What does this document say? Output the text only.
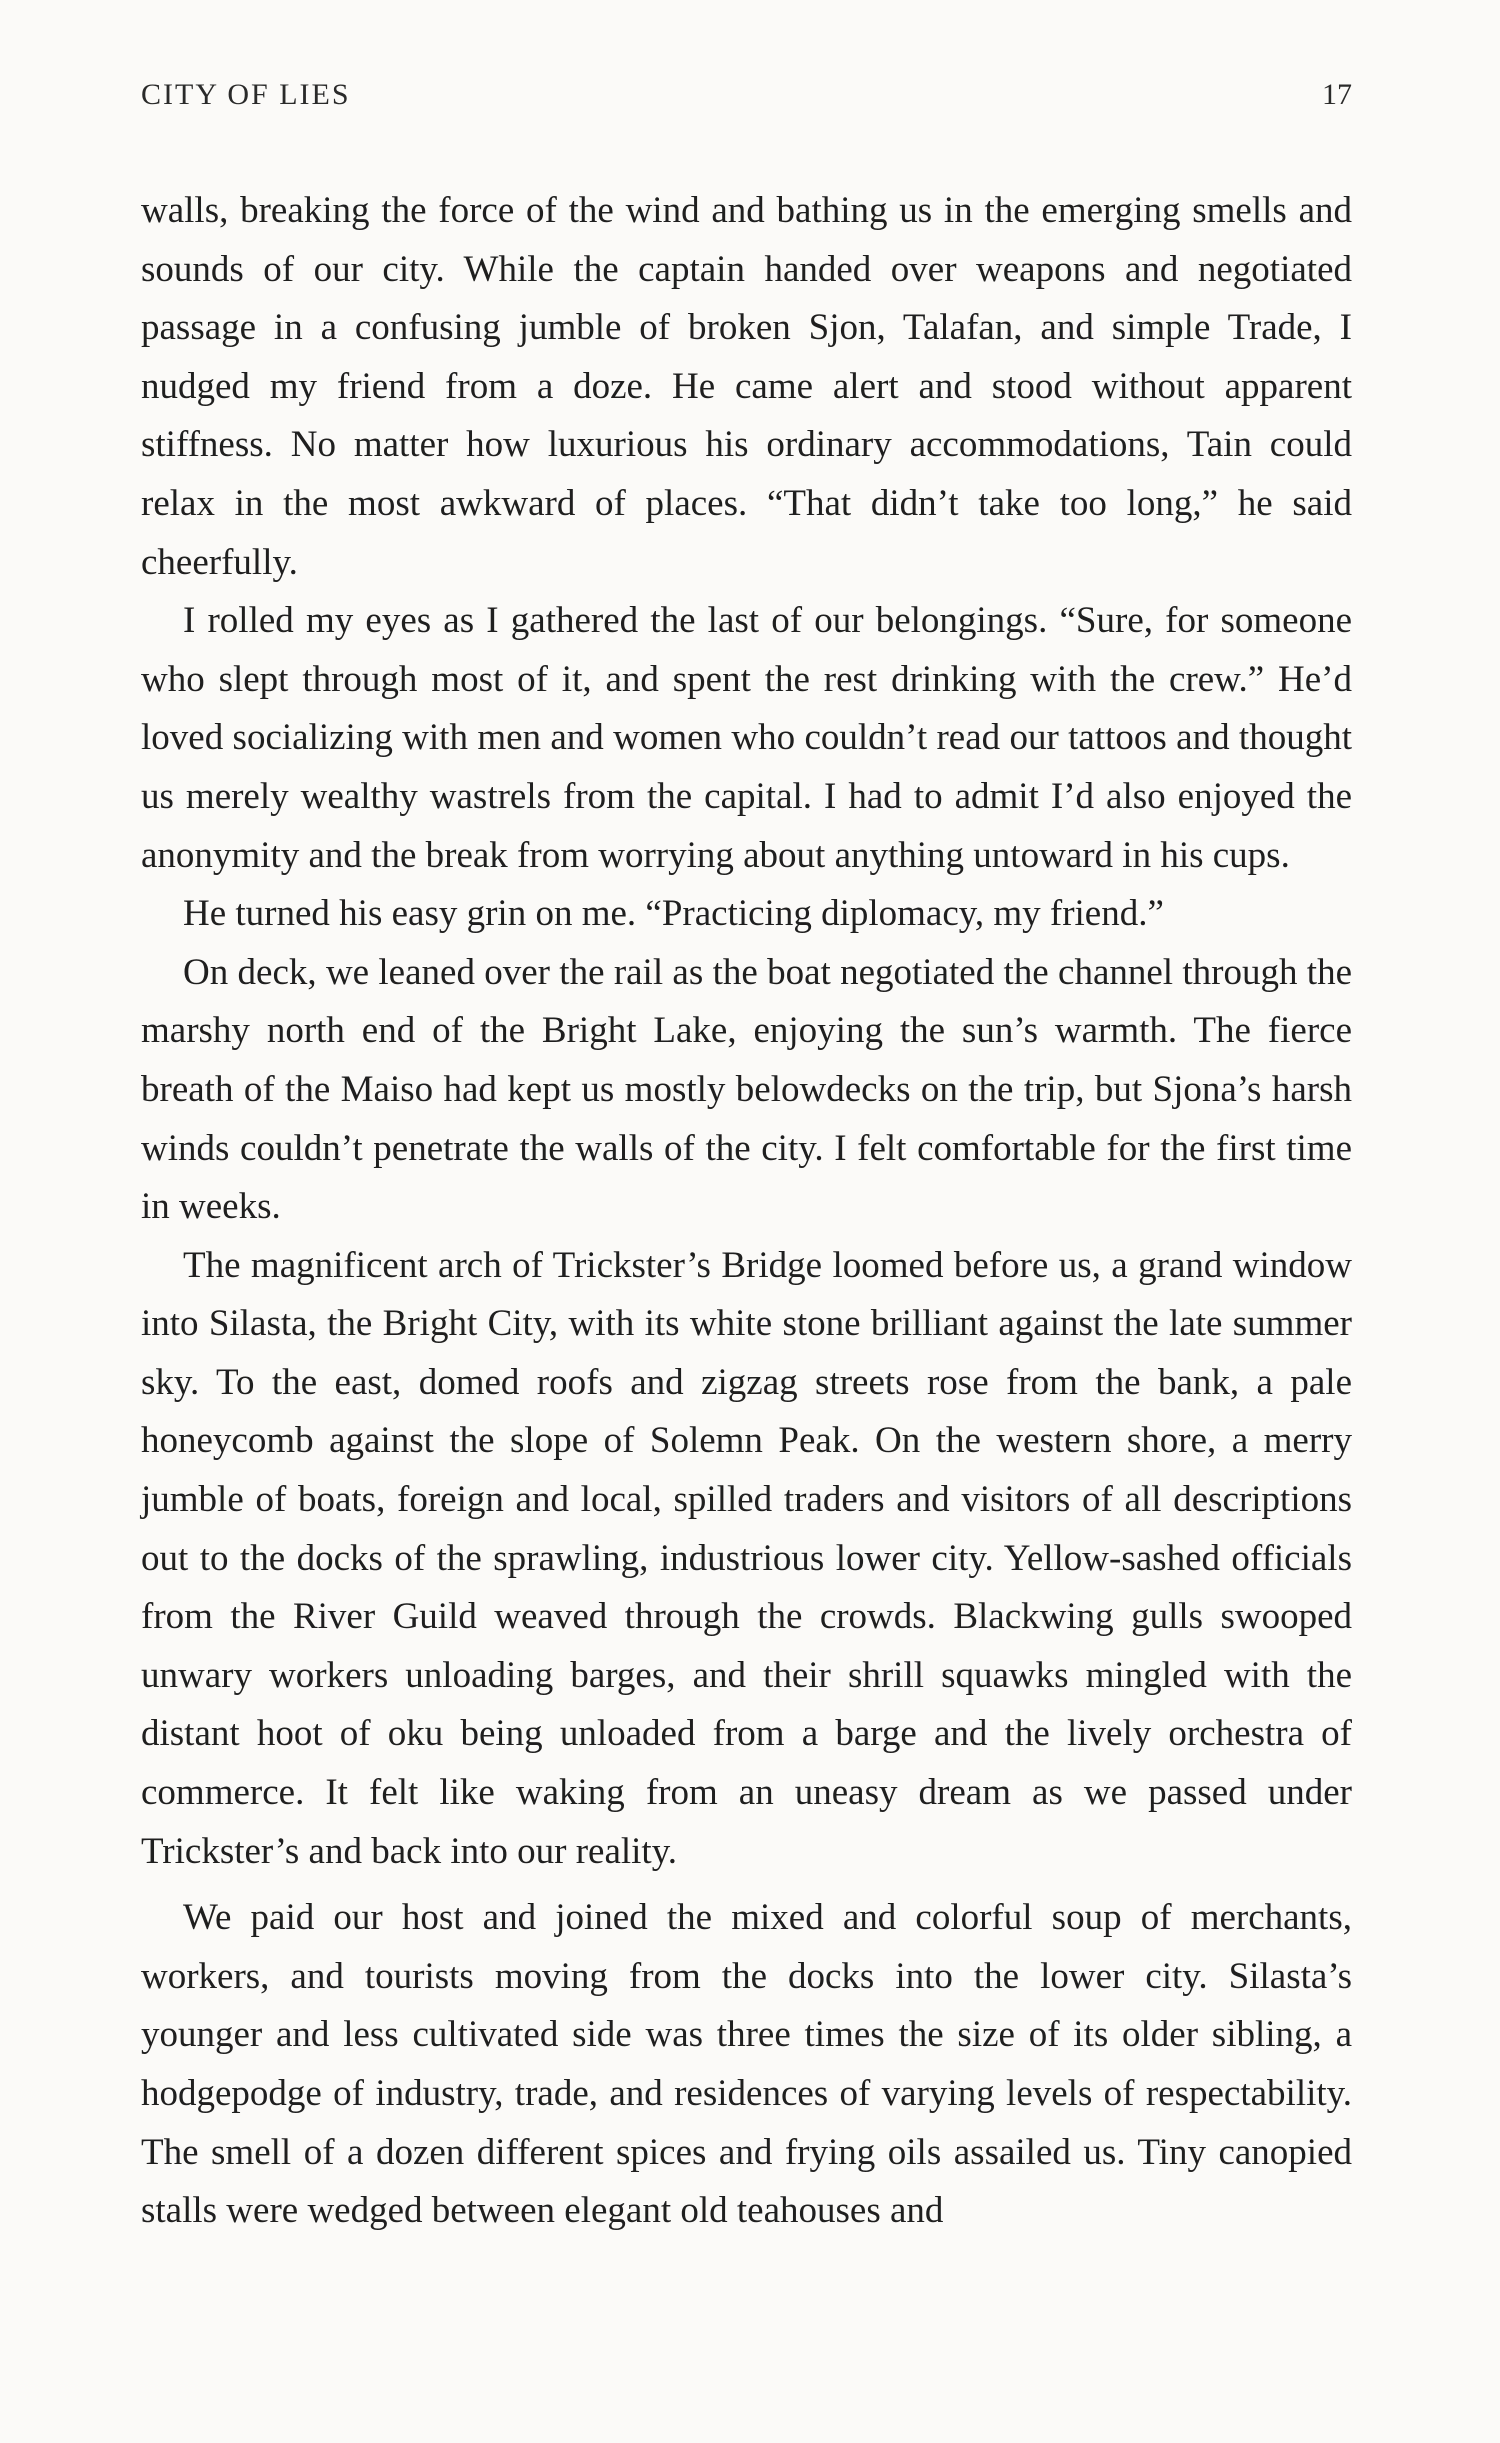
CITY OF LIES	17

walls, breaking the force of the wind and bathing us in the emerging smells and sounds of our city. While the captain handed over weapons and negotiated passage in a confusing jumble of broken Sjon, Talafan, and simple Trade, I nudged my friend from a doze. He came alert and stood without apparent stiffness. No matter how luxurious his ordinary accommodations, Tain could relax in the most awkward of places. “That didn’t take too long,” he said cheerfully.

I rolled my eyes as I gathered the last of our belongings. “Sure, for someone who slept through most of it, and spent the rest drinking with the crew.” He’d loved socializing with men and women who couldn’t read our tattoos and thought us merely wealthy wastrels from the capital. I had to admit I’d also enjoyed the anonymity and the break from worrying about anything untoward in his cups.

He turned his easy grin on me. “Practicing diplomacy, my friend.”

On deck, we leaned over the rail as the boat negotiated the channel through the marshy north end of the Bright Lake, enjoying the sun’s warmth. The fierce breath of the Maiso had kept us mostly belowdecks on the trip, but Sjona’s harsh winds couldn’t penetrate the walls of the city. I felt comfortable for the first time in weeks.

The magnificent arch of Trickster’s Bridge loomed before us, a grand window into Silasta, the Bright City, with its white stone brilliant against the late summer sky. To the east, domed roofs and zigzag streets rose from the bank, a pale honeycomb against the slope of Solemn Peak. On the western shore, a merry jumble of boats, foreign and local, spilled traders and visitors of all descriptions out to the docks of the sprawling, industrious lower city. Yellow-sashed officials from the River Guild weaved through the crowds. Blackwing gulls swooped unwary workers unloading barges, and their shrill squawks mingled with the distant hoot of oku being unloaded from a barge and the lively orchestra of commerce. It felt like waking from an uneasy dream as we passed under Trickster’s and back into our reality.

We paid our host and joined the mixed and colorful soup of merchants, workers, and tourists moving from the docks into the lower city. Silasta’s younger and less cultivated side was three times the size of its older sibling, a hodgepodge of industry, trade, and residences of varying levels of respectability. The smell of a dozen different spices and frying oils assailed us. Tiny canopied stalls were wedged between elegant old teahouses and
